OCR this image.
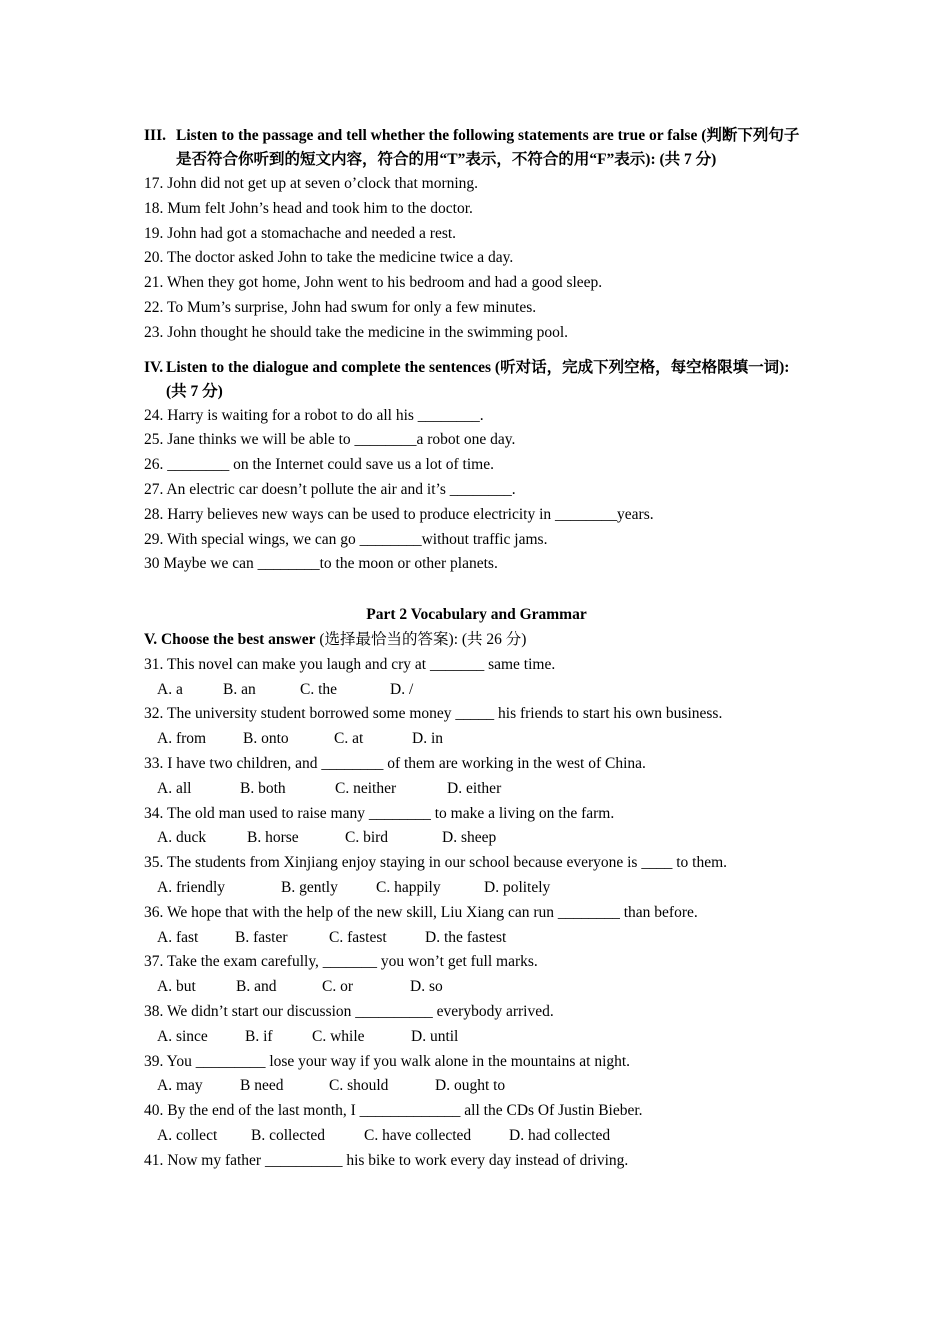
III. Listen to the passage and tell whether the following statements are true or false (判断下列句子是否符合你听到的短文内容，符合的用“T”表示，不符合的用“F”表示): (共 7 分)
17. John did not get up at seven o’clock that morning.
18. Mum felt John’s head and took him to the doctor.
19. John had got a stomachache and needed a rest.
20. The doctor asked John to take the medicine twice a day.
21. When they got home, John went to his bedroom and had a good sleep.
22. To Mum’s surprise, John had swum for only a few minutes.
23. John thought he should take the medicine in the swimming pool.
IV. Listen to the dialogue and complete the sentences (听对话，完成下列空格，每空格限填一词): (共 7 分)
24. Harry is waiting for a robot to do all his ________.
25. Jane thinks we will be able to ________a robot one day.
26. ________ on the Internet could save us a lot of time.
27. An electric car doesn’t pollute the air and it’s ________.
28. Harry believes new ways can be used to produce electricity in ________years.
29. With special wings, we can go ________without traffic jams.
30 Maybe we can ________to the moon or other planets.
Part 2 Vocabulary and Grammar
V. Choose the best answer (选择最恰当的答案): (共 26 分)
31. This novel can make you laugh and cry at _______ same time.
A. a	B. an	C. the	D. /
32. The university student borrowed some money _____ his friends to start his own business.
A. from B. onto	C. at	D. in
33. I have two children, and ________ of them are working in the west of China.
A. all	B. both	C. neither	D. either
34. The old man used to raise many ________ to make a living on the farm.
A. duck	B. horse	C. bird	D. sheep
35. The students from Xinjiang enjoy staying in our school because everyone is ____ to them.
A. friendly	B. gently C. happily	D. politely
36. We hope that with the help of the new skill, Liu Xiang can run ________ than before.
A. fast B. faster	C. fastest D. the fastest
37. Take the exam carefully, _______ you won’t get full marks.
A. but	B. and	C. or	D. so
38. We didn’t start our discussion __________ everybody arrived.
A. since B. if	C. while	D. until
39. You _________ lose your way if you walk alone in the mountains at night.
A. may B need	C. should	D. ought to
40. By the end of the last month, I _____________ all the CDs Of Justin Bieber.
A. collect B. collected	C. have collected D. had collected
41. Now my father __________ his bike to work every day instead of driving.
